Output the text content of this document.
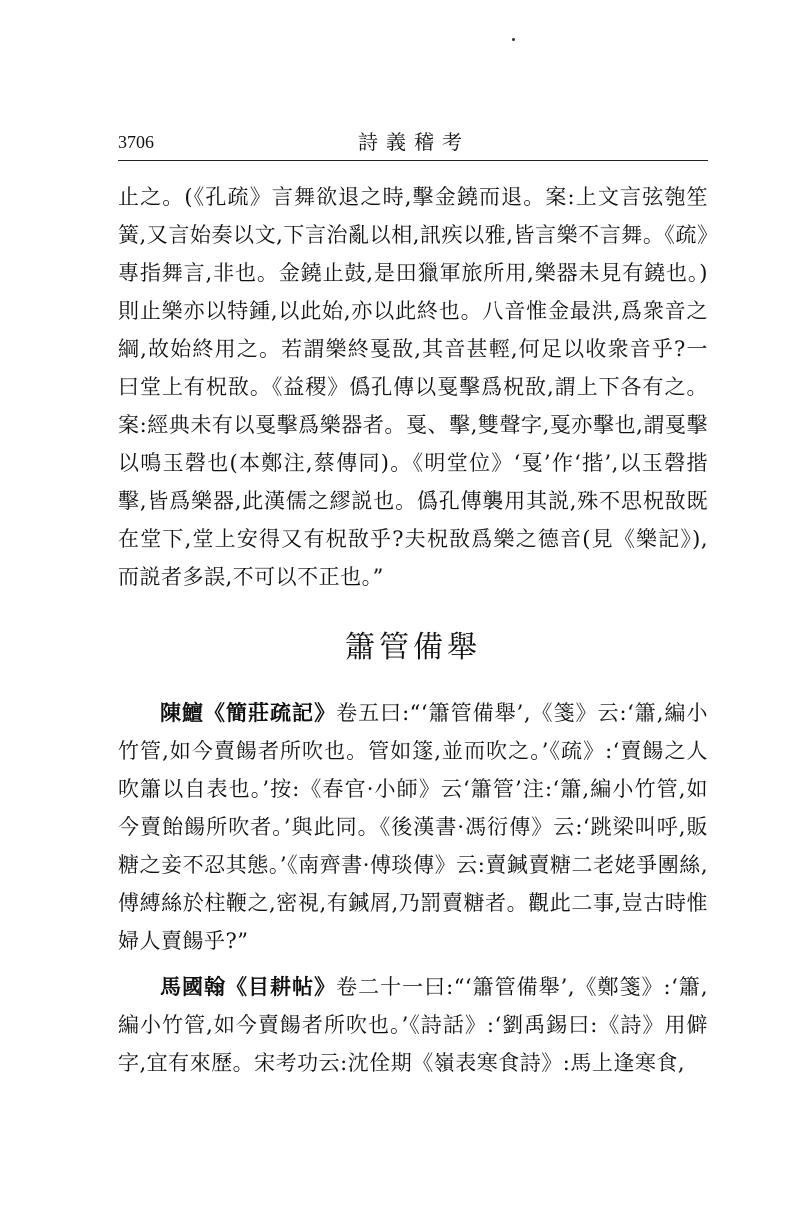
3706	詩義稽考

止之。(《孔疏》言舞欲退之時,擊金鐃而退。案:上文言弦匏笙簧,又言始奏以文,下言治亂以相,訊疾以雅,皆言樂不言舞。《疏》專指舞言,非也。金鐃止鼓,是田獵軍旅所用,樂器未見有鐃也。)則止樂亦以特鍾,以此始,亦以此終也。八音惟金最洪,爲衆音之綱,故始終用之。若謂樂終戛敔,其音甚輕,何足以收衆音乎?一曰堂上有柷敔。《益稷》僞孔傳以戛擊爲柷敔,謂上下各有之。案:經典未有以戛擊爲樂器者。戛、擊,雙聲字,戛亦擊也,謂戛擊以鳴玉磬也(本鄭注,蔡傳同)。《明堂位》‘戛’作‘揩’,以玉磬揩擊,皆爲樂器,此漢儒之繆説也。僞孔傳襲用其説,殊不思柷敔既在堂下,堂上安得又有柷敔乎?夫柷敔爲樂之德音(見《樂記》),而説者多誤,不可以不正也。”

簫管備舉

陳鱣《簡莊疏記》卷五曰:“‘簫管備舉’,《箋》云:‘簫,編小竹管,如今賣餳者所吹也。管如篴,並而吹之。’《疏》:‘賣餳之人吹簫以自表也。’按:《春官·小師》云‘簫管’注:‘簫,編小竹管,如今賣飴餳所吹者。’與此同。《後漢書·馮衍傳》云:‘跳梁叫呼,販糖之妾不忍其態。’《南齊書·傅琰傳》云:賣鍼賣糖二老姥爭團絲,傅縛絲於柱鞭之,密視,有鍼屑,乃罰賣糖者。觀此二事,豈古時惟婦人賣餳乎?”

馬國翰《目耕帖》卷二十一曰:“‘簫管備舉’,《鄭箋》:‘簫,編小竹管,如今賣餳者所吹也。’《詩話》:‘劉禹錫曰:《詩》用僻字,宜有來歷。宋考功云:沈佺期《嶺表寒食詩》:馬上逢寒食,
